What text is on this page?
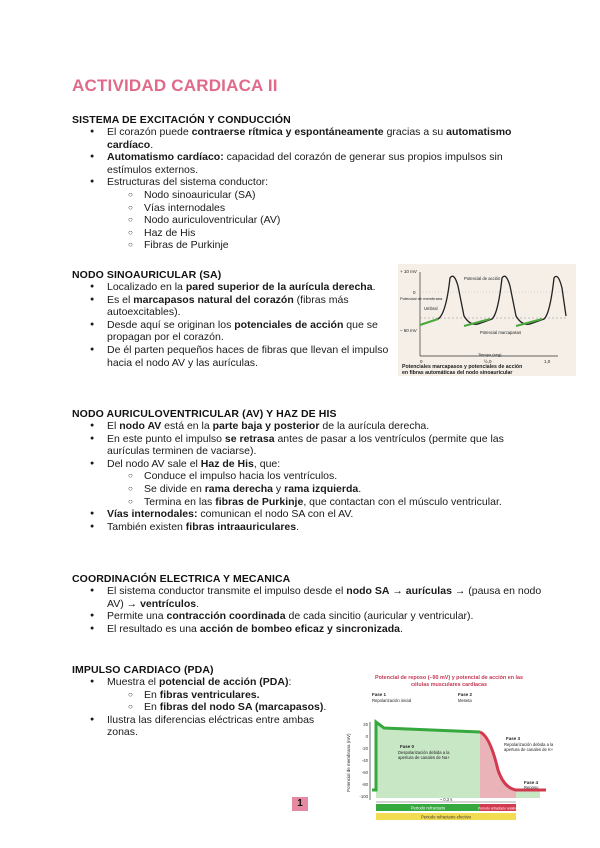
ACTIVIDAD CARDIACA II
SISTEMA DE EXCITACIÓN Y CONDUCCIÓN
● El corazón puede contraerse rítmica y espontáneamente gracias a su automatismo cardíaco.
● Automatismo cardíaco: capacidad del corazón de generar sus propios impulsos sin estímulos externos.
● Estructuras del sistema conductor:
○ Nodo sinoauricular (SA)
○ Vías internodales
○ Nodo auriculoventricular (AV)
○ Haz de His
○ Fibras de Purkinje
NODO SINOAURICULAR (SA)
● Localizado en la pared superior de la aurícula derecha.
● Es el marcapasos natural del corazón (fibras más autoexcitables).
● Desde aquí se originan los potenciales de acción que se propagan por el corazón.
● De él parten pequeños haces de fibras que llevan el impulso hacia el nodo AV y las aurículas.
+ 10 mV
0
– 60 mV
Potencial de membrana
Umbral
Potencial de acción
Potencial marcapasos
0	½,0	1,0
Tiempo (seg)
Potenciales marcapasos y potenciales de acción
en fibras automáticas del nodo sinoauricular
NODO AURICULOVENTRICULAR (AV) Y HAZ DE HIS
● El nodo AV está en la parte baja y posterior de la aurícula derecha.
● En este punto el impulso se retrasa antes de pasar a los ventrículos (permite que las aurículas terminen de vaciarse).
● Del nodo AV sale el Haz de His, que:
○ Conduce el impulso hacia los ventrículos.
○ Se divide en rama derecha y rama izquierda.
○ Termina en las fibras de Purkinje, que contactan con el músculo ventricular.
● Vías internodales: comunican el nodo SA con el AV.
● También existen fibras intraauriculares.
COORDINACIÓN ELECTRICA Y MECANICA
● El sistema conductor transmite el impulso desde el nodo SA → aurículas → (pausa en nodo AV) → ventrículos.
● Permite una contracción coordinada de cada sincitio (auricular y ventricular).
● El resultado es una acción de bombeo eficaz y sincronizada.
IMPULSO CARDIACO (PDA)
● Muestra el potencial de acción (PDA):
○ En fibras ventriculares.
○ En fibras del nodo SA (marcapasos).
● Ilustra las diferencias eléctricas entre ambas zonas.
Potencial de reposo (–90 mV) y potencial de acción en las
células musculares cardiacas
Potencial de membrana (mV)
20
0
-20
-40
-60
-80
-100
Fase 1
Repolarización inicial
Fase 2
Meseta
Fase 0
Despolarización debida a la apertura de canales de Na+
Fase 3
Repolarización debida a la apertura de canales de K+
Fase 4
Reposo
~ 0,3 s
Periodo refractario	Periodo refractario relativo
Periodo refractario efectivo
1
